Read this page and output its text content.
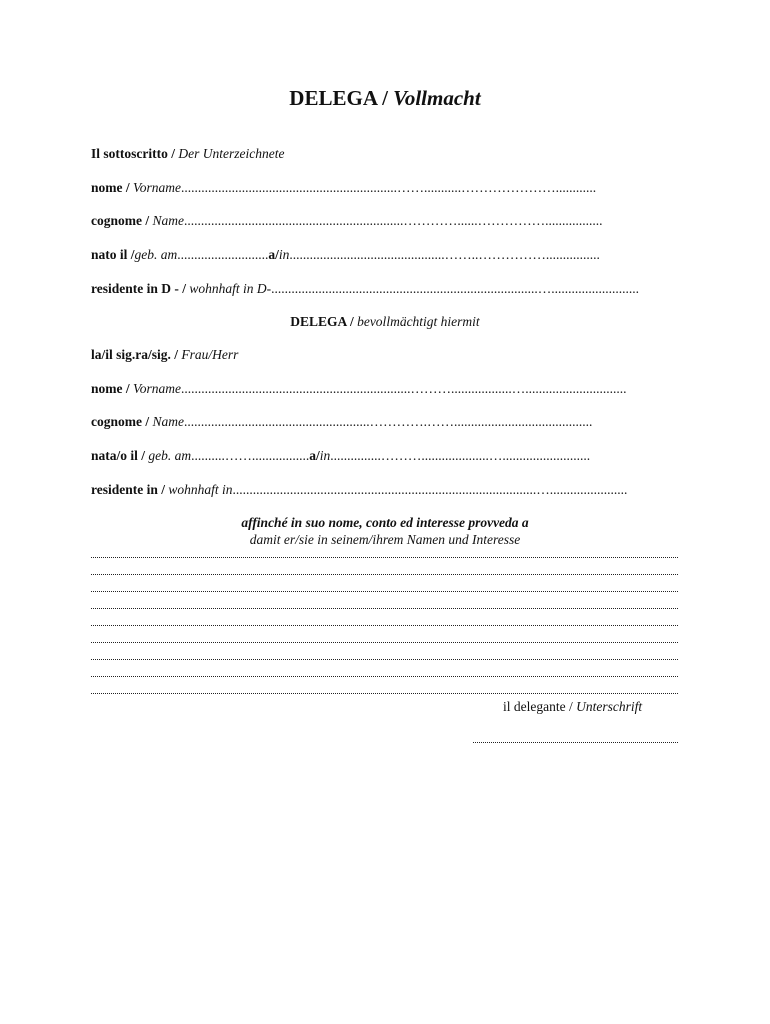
DELEGA / Vollmacht
Il sottoscritto / Der Unterzeichnete
nome / Vorname................................................................……...........…………………............
cognome / Name.................................................................…………......…………….................
nato il /geb. am...........................a/in..............................................……..……………................
residente in D - / wohnhaft in D-...............................................................................…..........................
DELEGA / bevollmächtigt hiermit
la/il sig.ra/sig. / Frau/Herr
nome / Vorname....................................................................………..................…..............................
cognome / Name.......................................................………….…….........................................
nata/o il / geb. am..........…….................a/in...............………....................…..........................
residente in / wohnhaft in..........................................................................................….......................
affinché in suo nome, conto ed interesse provveda a
damit er/sie in seinem/ihrem Namen und Interesse
il delegante / Unterschrift
